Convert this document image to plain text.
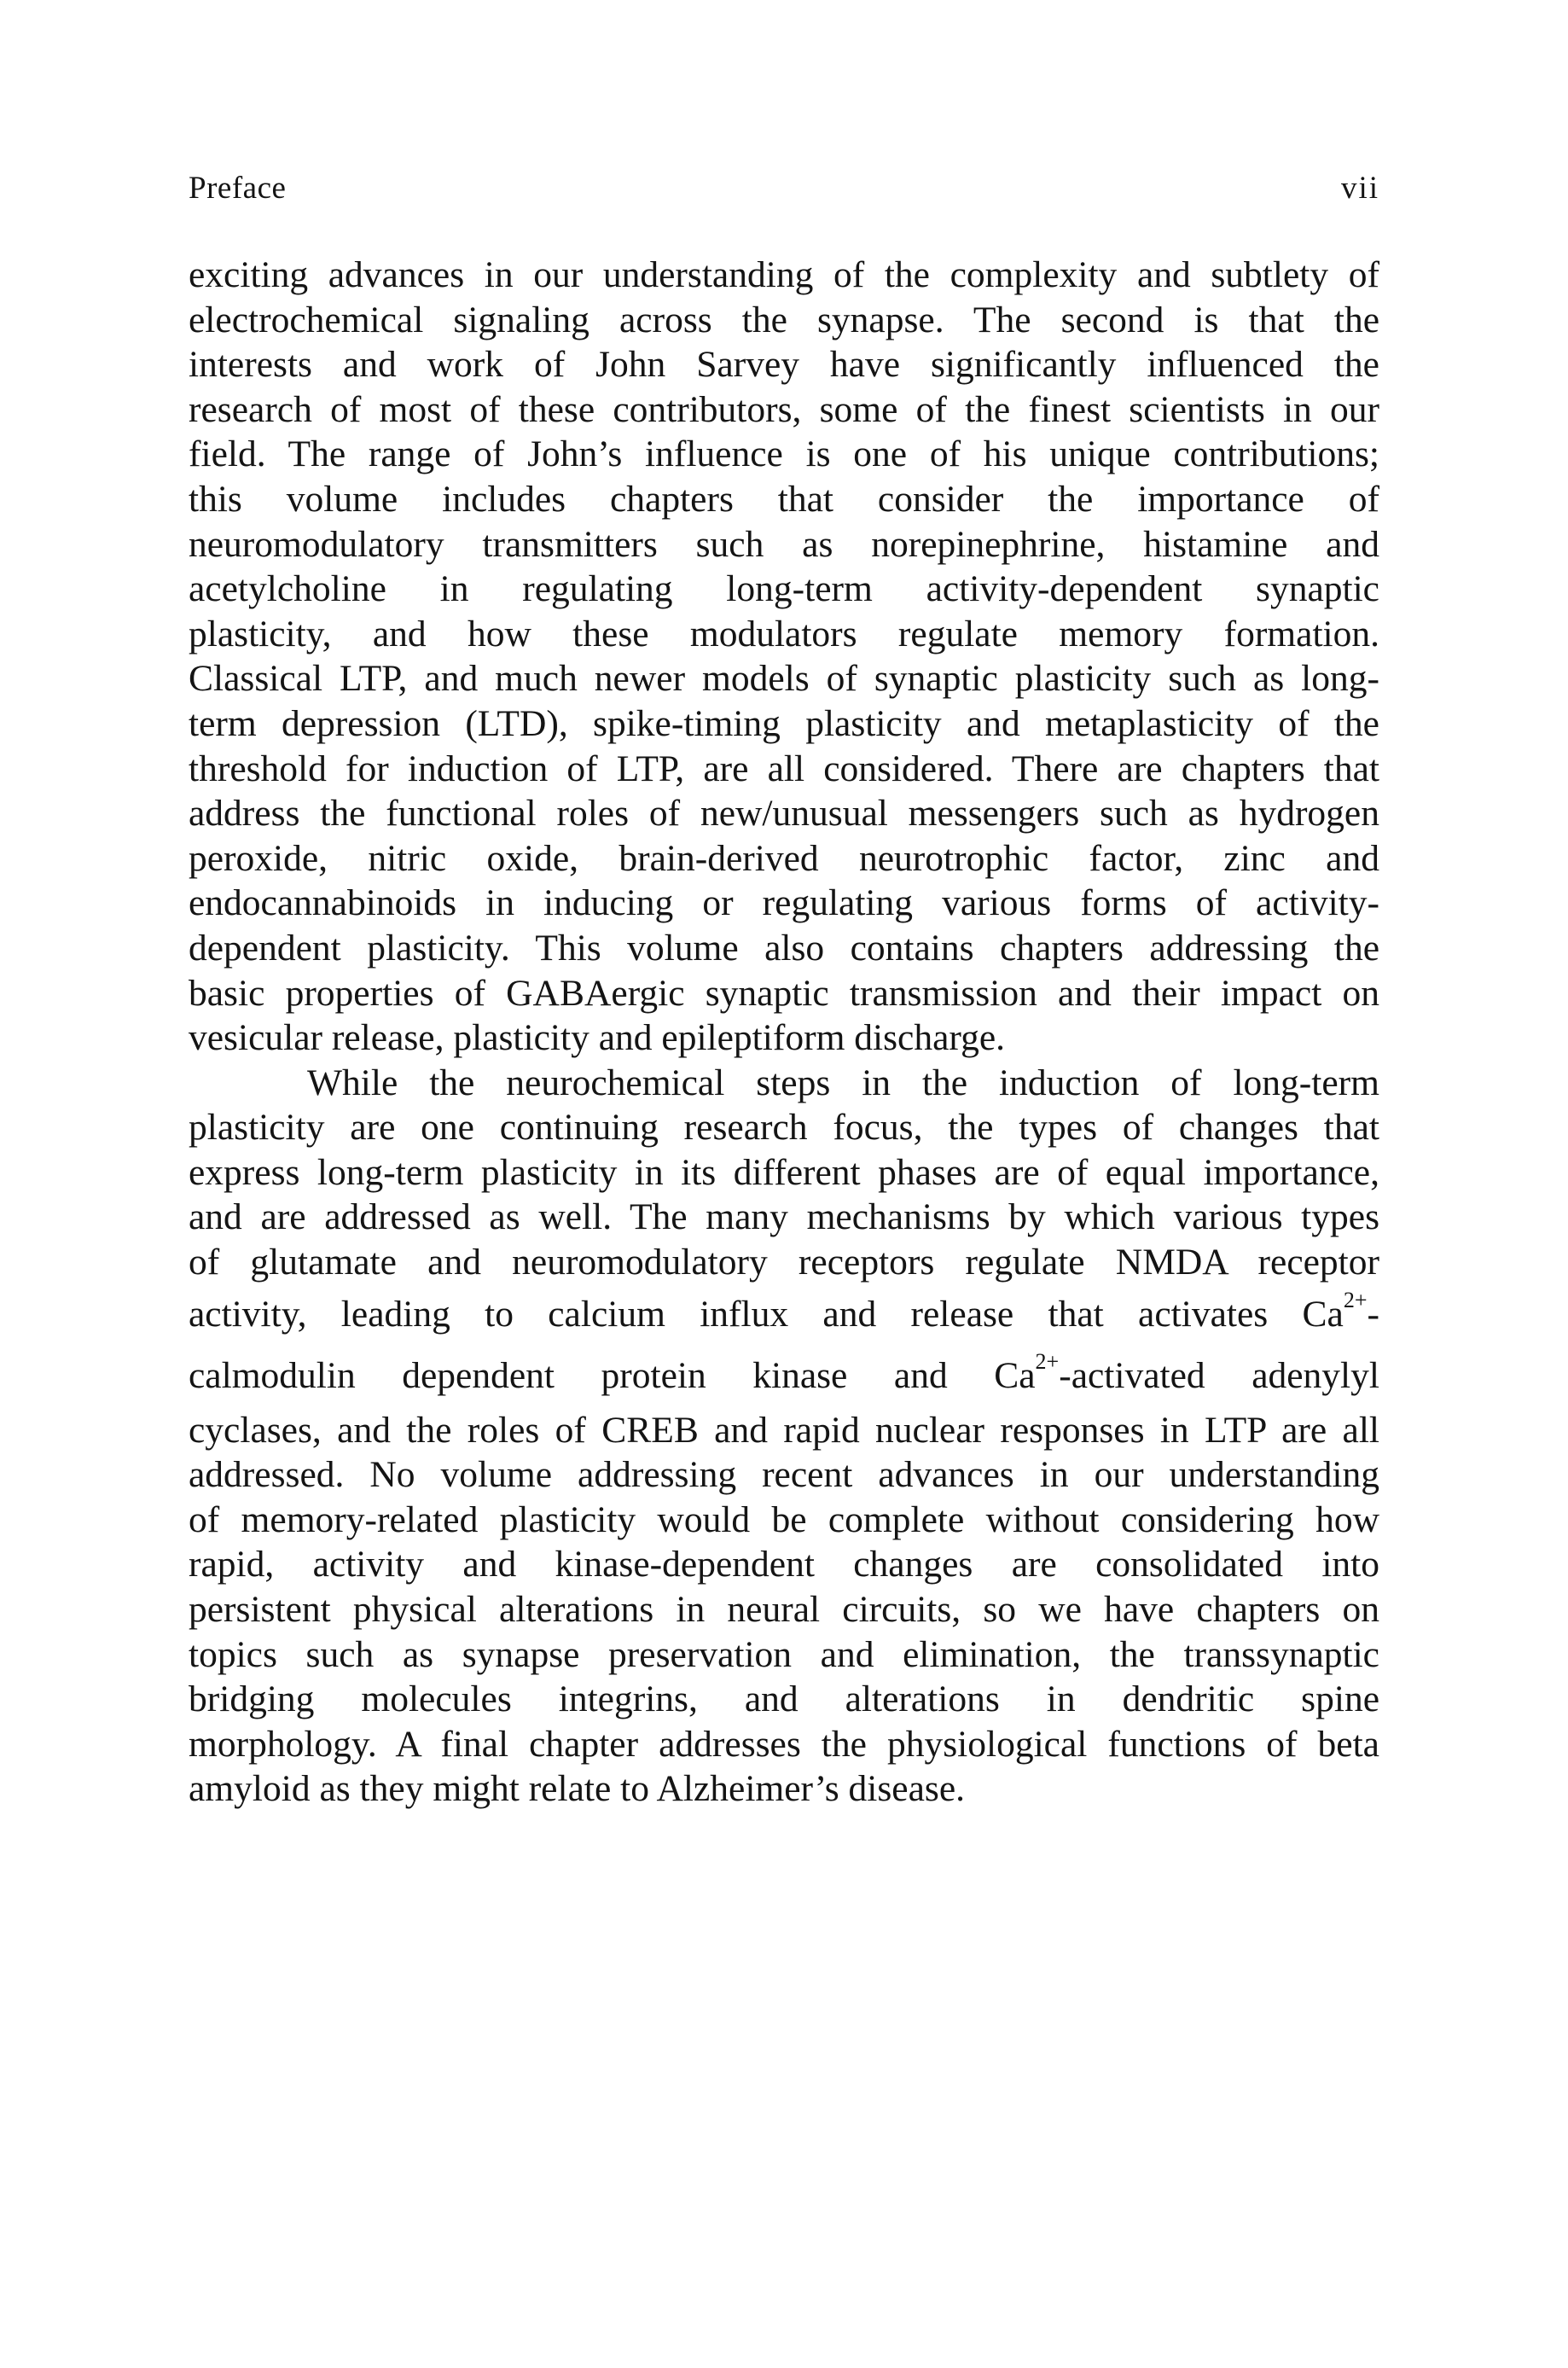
Preface	vii
exciting advances in our understanding of the complexity and subtlety of
electrochemical signaling across the synapse. The second is that the
interests and work of John Sarvey have significantly influenced the
research of most of these contributors, some of the finest scientists in our
field. The range of John’s influence is one of his unique contributions;
this volume includes chapters that consider the importance of
neuromodulatory transmitters such as norepinephrine, histamine and
acetylcholine in regulating long-term activity-dependent synaptic
plasticity, and how these modulators regulate memory formation.
Classical LTP, and much newer models of synaptic plasticity such as long-
term depression (LTD), spike-timing plasticity and metaplasticity of the
threshold for induction of LTP, are all considered. There are chapters that
address the functional roles of new/unusual messengers such as hydrogen
peroxide, nitric oxide, brain-derived neurotrophic factor, zinc and
endocannabinoids in inducing or regulating various forms of activity-
dependent plasticity. This volume also contains chapters addressing the
basic properties of GABAergic synaptic transmission and their impact on
vesicular release, plasticity and epileptiform discharge.
While the neurochemical steps in the induction of long-term
plasticity are one continuing research focus, the types of changes that
express long-term plasticity in its different phases are of equal importance,
and are addressed as well. The many mechanisms by which various types
of glutamate and neuromodulatory receptors regulate NMDA receptor
activity, leading to calcium influx and release that activates $Ca^{2+}-$
calmodulin dependent protein kinase and $Ca^{2+}$-activated adenylyl
cyclases, and the roles of CREB and rapid nuclear responses in LTP are all
addressed. No volume addressing recent advances in our understanding
of memory-related plasticity would be complete without considering how
rapid, activity and kinase-dependent changes are consolidated into
persistent physical alterations in neural circuits, so we have chapters on
topics such as synapse preservation and elimination, the transsynaptic
bridging molecules integrins, and alterations in dendritic spine
morphology. A final chapter addresses the physiological functions of beta
amyloid as they might relate to Alzheimer’s disease.
